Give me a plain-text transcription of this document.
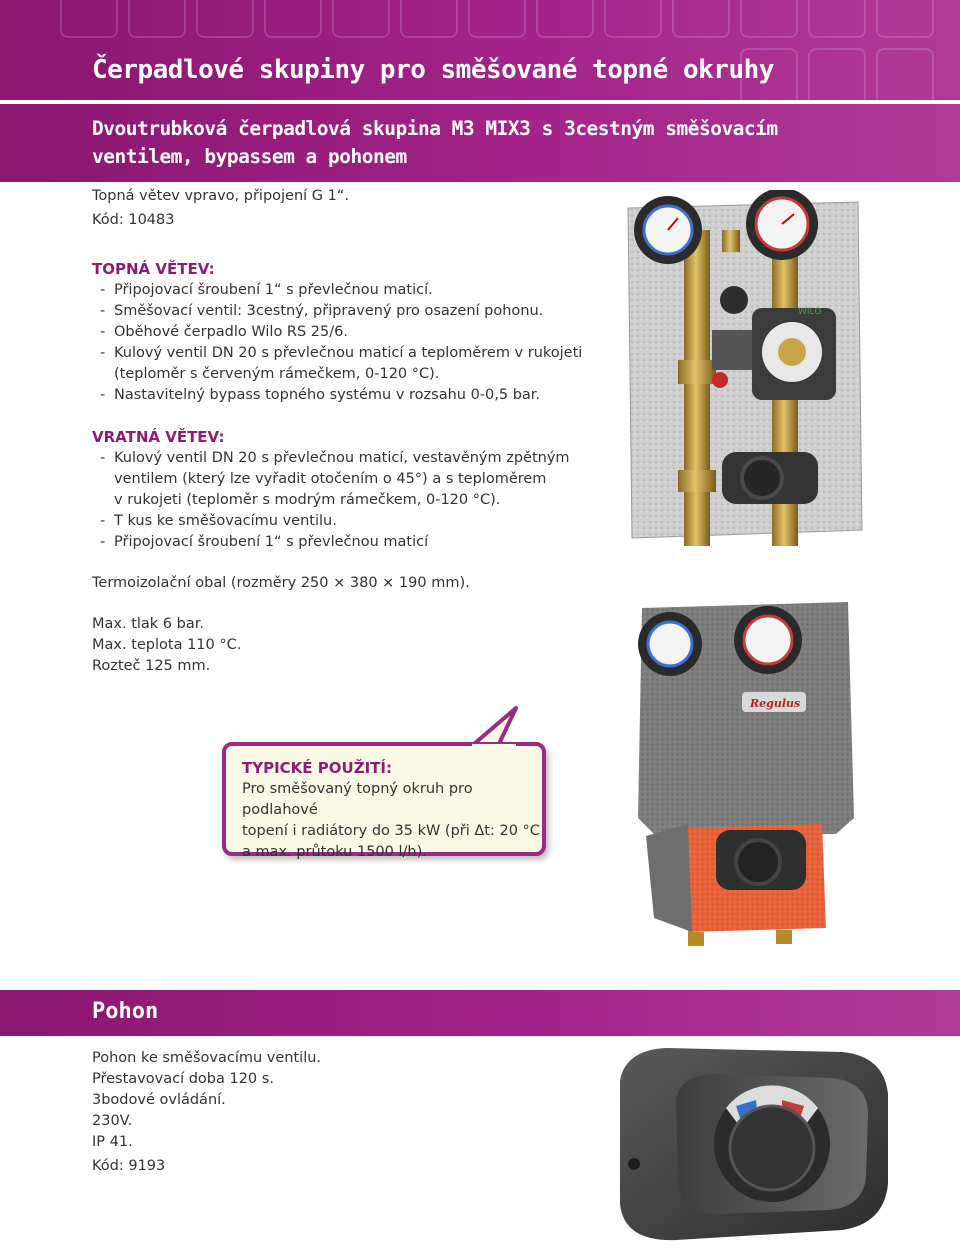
Čerpadlové skupiny pro směšované topné okruhy
Dvoutrubková čerpadlová skupina M3 MIX3 s 3cestným směšovacím ventilem, bypassem a pohonem
Topná větev vpravo, připojení G 1“.
Kód: 10483
TOPNÁ VĚTEV:
- Připojovací šroubení 1“ s převlečnou maticí.
- Směšovací ventil: 3cestný, připravený pro osazení pohonu.
- Oběhové čerpadlo Wilo RS 25/6.
- Kulový ventil DN 20 s převlečnou maticí a teploměrem v rukojeti
(teploměr s červeným rámečkem, 0-120 °C).
- Nastavitelný bypass topného systému v rozsahu 0-0,5 bar.
VRATNÁ VĚTEV:
- Kulový ventil DN 20 s převlečnou maticí, vestavěným zpětným
ventilem (který lze vyřadit otočením o 45°) a s teploměrem
v rukojeti (teploměr s modrým rámečkem, 0-120 °C).
- T kus ke směšovacímu ventilu.
- Připojovací šroubení 1“ s převlečnou maticí
Termoizolační obal (rozměry 250 × 380 × 190 mm).
Max. tlak 6 bar.
Max. teplota 110 °C.
Rozteč 125 mm.
TYPICKÉ POUŽITÍ:
Pro směšovaný topný okruh pro podlahové
topení i radiátory do 35 kW (při Δt: 20 °C
a max. průtoku 1500 l/h).
WILO
Regulus
Pohon
Pohon ke směšovacímu ventilu.
Přestavovací doba 120 s.
3bodové ovládání.
230V.
IP 41.
Kód: 9193
